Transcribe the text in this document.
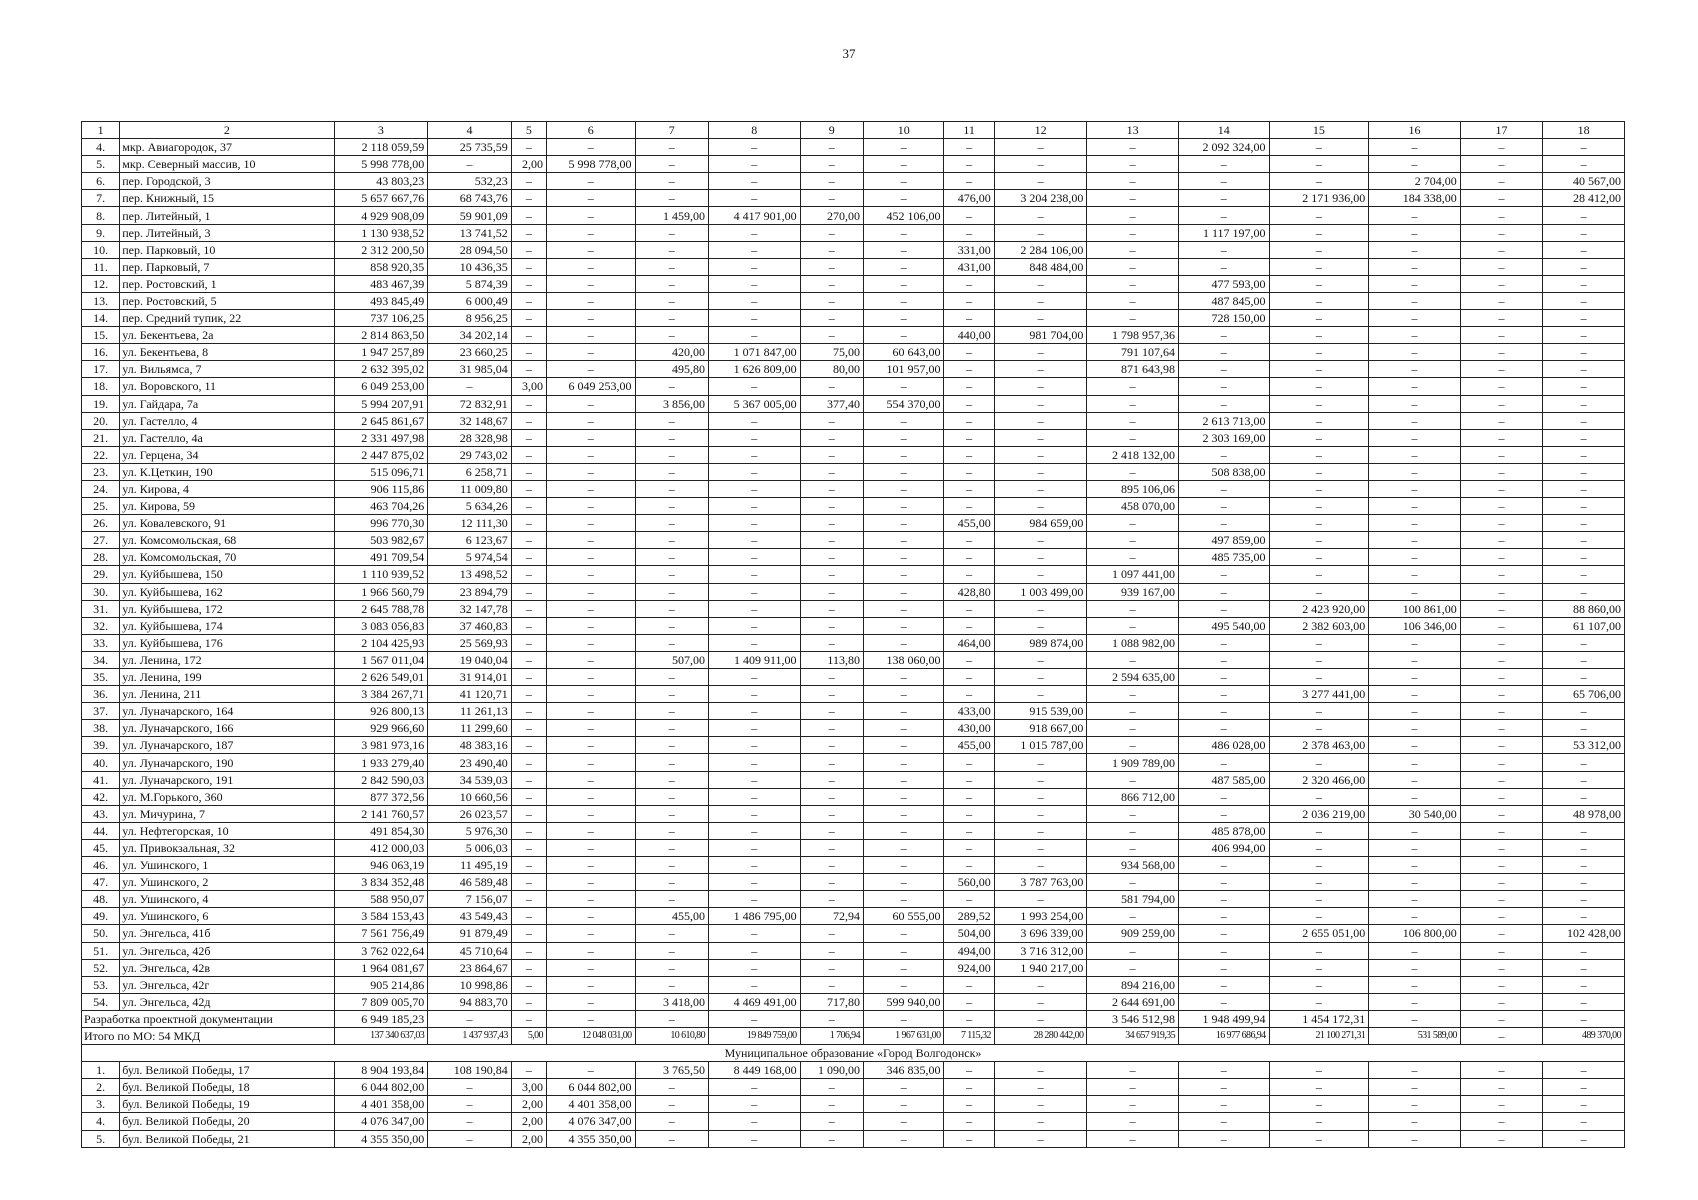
37
1	2	3	4	5	6	7	8	9	10	11	12	13	14	15	16	17	18
4.	мкр. Авиагородок, 37	2 118 059,59	25 735,59	–	–	–	–	–	–	–	–	–	2 092 324,00	–	–	–	–
5.	мкр. Северный массив, 10	5 998 778,00	–	2,00	5 998 778,00	–	–	–	–	–	–	–	–	–	–	–	–
6.	пер. Городской, 3	43 803,23	532,23	–	–	–	–	–	–	–	–	–	–	–	2 704,00	–	40 567,00
7.	пер. Книжный, 15	5 657 667,76	68 743,76	–	–	–	–	–	–	476,00	3 204 238,00	–	–	2 171 936,00	184 338,00	–	28 412,00
8.	пер. Литейный, 1	4 929 908,09	59 901,09	–	–	1 459,00	4 417 901,00	270,00	452 106,00	–	–	–	–	–	–	–	–
9.	пер. Литейный, 3	1 130 938,52	13 741,52	–	–	–	–	–	–	–	–	–	1 117 197,00	–	–	–	–
10.	пер. Парковый, 10	2 312 200,50	28 094,50	–	–	–	–	–	–	331,00	2 284 106,00	–	–	–	–	–	–
11.	пер. Парковый, 7	858 920,35	10 436,35	–	–	–	–	–	–	431,00	848 484,00	–	–	–	–	–	–
12.	пер. Ростовский, 1	483 467,39	5 874,39	–	–	–	–	–	–	–	–	–	477 593,00	–	–	–	–
13.	пер. Ростовский, 5	493 845,49	6 000,49	–	–	–	–	–	–	–	–	–	487 845,00	–	–	–	–
14.	пер. Средний тупик, 22	737 106,25	8 956,25	–	–	–	–	–	–	–	–	–	728 150,00	–	–	–	–
15.	ул. Бекентьева, 2а	2 814 863,50	34 202,14	–	–	–	–	–	–	440,00	981 704,00	1 798 957,36	–	–	–	–	–
16.	ул. Бекентьева, 8	1 947 257,89	23 660,25	–	–	420,00	1 071 847,00	75,00	60 643,00	–	–	791 107,64	–	–	–	–	–
17.	ул. Вильямса, 7	2 632 395,02	31 985,04	–	–	495,80	1 626 809,00	80,00	101 957,00	–	–	871 643,98	–	–	–	–	–
18.	ул. Воровского, 11	6 049 253,00	–	3,00	6 049 253,00	–	–	–	–	–	–	–	–	–	–	–	–
19.	ул. Гайдара, 7а	5 994 207,91	72 832,91	–	–	3 856,00	5 367 005,00	377,40	554 370,00	–	–	–	–	–	–	–	–
20.	ул. Гастелло, 4	2 645 861,67	32 148,67	–	–	–	–	–	–	–	–	–	2 613 713,00	–	–	–	–
21.	ул. Гастелло, 4а	2 331 497,98	28 328,98	–	–	–	–	–	–	–	–	–	2 303 169,00	–	–	–	–
22.	ул. Герцена, 34	2 447 875,02	29 743,02	–	–	–	–	–	–	–	–	2 418 132,00	–	–	–	–	–
23.	ул. К.Цеткин, 190	515 096,71	6 258,71	–	–	–	–	–	–	–	–	–	508 838,00	–	–	–	–
24.	ул. Кирова, 4	906 115,86	11 009,80	–	–	–	–	–	–	–	–	895 106,06	–	–	–	–	–
25.	ул. Кирова, 59	463 704,26	5 634,26	–	–	–	–	–	–	–	–	458 070,00	–	–	–	–	–
26.	ул. Ковалевского, 91	996 770,30	12 111,30	–	–	–	–	–	–	455,00	984 659,00	–	–	–	–	–	–
27.	ул. Комсомольская, 68	503 982,67	6 123,67	–	–	–	–	–	–	–	–	–	497 859,00	–	–	–	–
28.	ул. Комсомольская, 70	491 709,54	5 974,54	–	–	–	–	–	–	–	–	–	485 735,00	–	–	–	–
29.	ул. Куйбышева, 150	1 110 939,52	13 498,52	–	–	–	–	–	–	–	–	1 097 441,00	–	–	–	–	–
30.	ул. Куйбышева, 162	1 966 560,79	23 894,79	–	–	–	–	–	–	428,80	1 003 499,00	939 167,00	–	–	–	–	–
31.	ул. Куйбышева, 172	2 645 788,78	32 147,78	–	–	–	–	–	–	–	–	–	–	2 423 920,00	100 861,00	–	88 860,00
32.	ул. Куйбышева, 174	3 083 056,83	37 460,83	–	–	–	–	–	–	–	–	–	495 540,00	2 382 603,00	106 346,00	–	61 107,00
33.	ул. Куйбышева, 176	2 104 425,93	25 569,93	–	–	–	–	–	–	464,00	989 874,00	1 088 982,00	–	–	–	–	–
34.	ул. Ленина, 172	1 567 011,04	19 040,04	–	–	507,00	1 409 911,00	113,80	138 060,00	–	–	–	–	–	–	–	–
35.	ул. Ленина, 199	2 626 549,01	31 914,01	–	–	–	–	–	–	–	–	2 594 635,00	–	–	–	–	–
36.	ул. Ленина, 211	3 384 267,71	41 120,71	–	–	–	–	–	–	–	–	–	–	3 277 441,00	–	–	65 706,00
37.	ул. Луначарского, 164	926 800,13	11 261,13	–	–	–	–	–	–	433,00	915 539,00	–	–	–	–	–	–
38.	ул. Луначарского, 166	929 966,60	11 299,60	–	–	–	–	–	–	430,00	918 667,00	–	–	–	–	–	–
39.	ул. Луначарского, 187	3 981 973,16	48 383,16	–	–	–	–	–	–	455,00	1 015 787,00	–	486 028,00	2 378 463,00	–	–	53 312,00
40.	ул. Луначарского, 190	1 933 279,40	23 490,40	–	–	–	–	–	–	–	–	1 909 789,00	–	–	–	–	–
41.	ул. Луначарского, 191	2 842 590,03	34 539,03	–	–	–	–	–	–	–	–	–	487 585,00	2 320 466,00	–	–	–
42.	ул. М.Горького, 360	877 372,56	10 660,56	–	–	–	–	–	–	–	–	866 712,00	–	–	–	–	–
43.	ул. Мичурина, 7	2 141 760,57	26 023,57	–	–	–	–	–	–	–	–	–	–	2 036 219,00	30 540,00	–	48 978,00
44.	ул. Нефтегорская, 10	491 854,30	5 976,30	–	–	–	–	–	–	–	–	–	485 878,00	–	–	–	–
45.	ул. Привокзальная, 32	412 000,03	5 006,03	–	–	–	–	–	–	–	–	–	406 994,00	–	–	–	–
46.	ул. Ушинского, 1	946 063,19	11 495,19	–	–	–	–	–	–	–	–	934 568,00	–	–	–	–	–
47.	ул. Ушинского, 2	3 834 352,48	46 589,48	–	–	–	–	–	–	560,00	3 787 763,00	–	–	–	–	–	–
48.	ул. Ушинского, 4	588 950,07	7 156,07	–	–	–	–	–	–	–	–	581 794,00	–	–	–	–	–
49.	ул. Ушинского, 6	3 584 153,43	43 549,43	–	–	455,00	1 486 795,00	72,94	60 555,00	289,52	1 993 254,00	–	–	–	–	–	–
50.	ул. Энгельса, 41б	7 561 756,49	91 879,49	–	–	–	–	–	–	504,00	3 696 339,00	909 259,00	–	2 655 051,00	106 800,00	–	102 428,00
51.	ул. Энгельса, 42б	3 762 022,64	45 710,64	–	–	–	–	–	–	494,00	3 716 312,00	–	–	–	–	–	–
52.	ул. Энгельса, 42в	1 964 081,67	23 864,67	–	–	–	–	–	–	924,00	1 940 217,00	–	–	–	–	–	–
53.	ул. Энгельса, 42г	905 214,86	10 998,86	–	–	–	–	–	–	–	–	894 216,00	–	–	–	–	–
54.	ул. Энгельса, 42д	7 809 005,70	94 883,70	–	–	3 418,00	4 469 491,00	717,80	599 940,00	–	–	2 644 691,00	–	–	–	–	–
Разработка проектной документации		6 949 185,23	–	–	–	–	–	–	–	–	–	3 546 512,98	1 948 499,94	1 454 172,31	–	–	–
Итого по МО: 54 МКД		137 340 637,03	1 437 937,43	5,00	12 048 031,00	10 610,80	19 849 759,00	1 706,94	1 967 631,00	7 115,32	28 280 442,00	34 657 919,35	16 977 686,94	21 100 271,31	531 589,00	–	489 370,00
Муниципальное образование «Город Волгодонск»																	
1.	бул. Великой Победы, 17	8 904 193,84	108 190,84	–	–	3 765,50	8 449 168,00	1 090,00	346 835,00	–	–	–	–	–	–	–	–
2.	бул. Великой Победы, 18	6 044 802,00	–	3,00	6 044 802,00	–	–	–	–	–	–	–	–	–	–	–	–
3.	бул. Великой Победы, 19	4 401 358,00	–	2,00	4 401 358,00	–	–	–	–	–	–	–	–	–	–	–	–
4.	бул. Великой Победы, 20	4 076 347,00	–	2,00	4 076 347,00	–	–	–	–	–	–	–	–	–	–	–	–
5.	бул. Великой Победы, 21	4 355 350,00	–	2,00	4 355 350,00	–	–	–	–	–	–	–	–	–	–	–	–
